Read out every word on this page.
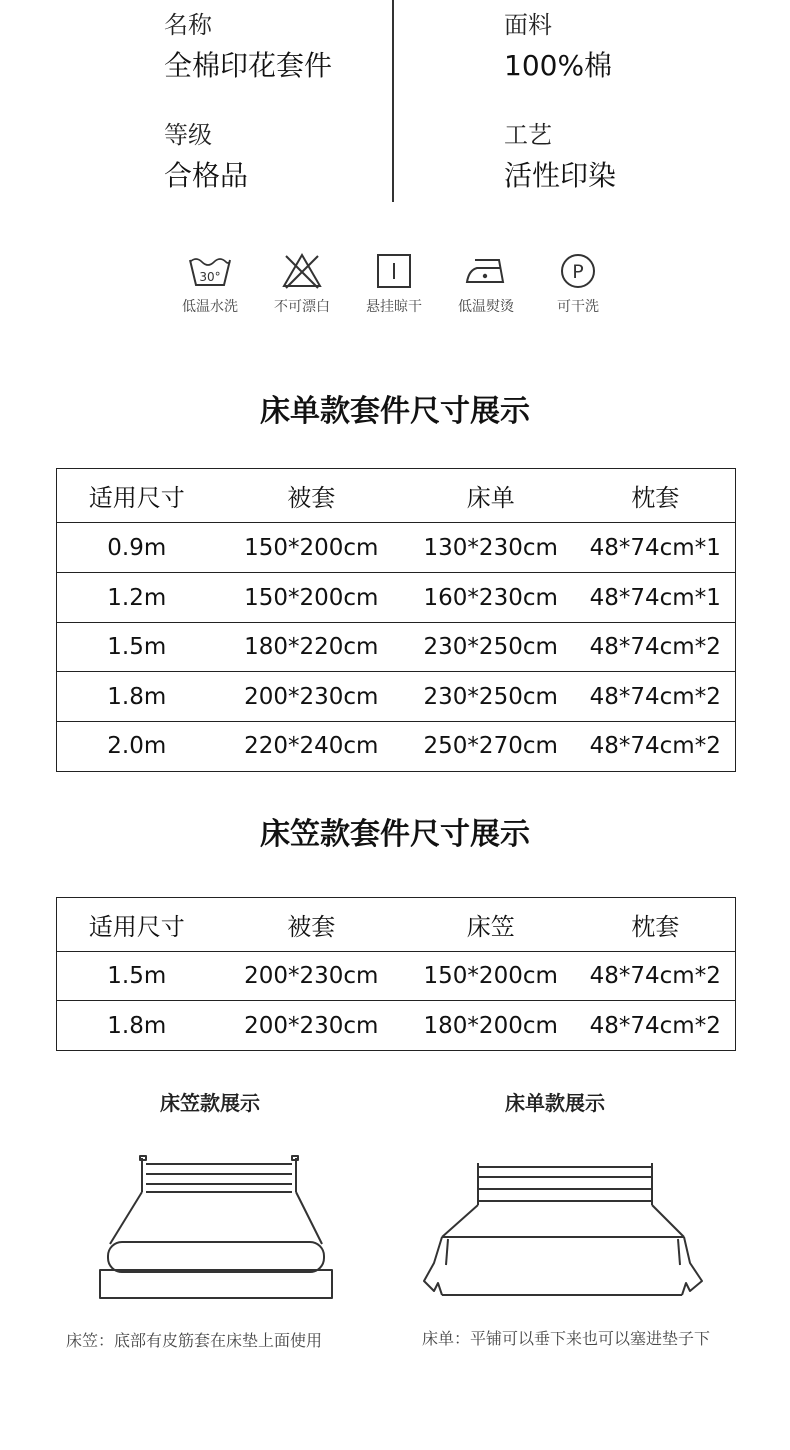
名称
全棉印花套件
面料
100%棉
等级
合格品
工艺
活性印染
30°
低温水洗	不可漂白	悬挂晾干	低温熨烫
P
可干洗
床单款套件尺寸展示
适用尺寸	被套	床单	枕套
0.9m	150*200cm	130*230cm	48*74cm*1
1.2m	150*200cm	160*230cm	48*74cm*1
1.5m	180*220cm	230*250cm	48*74cm*2
1.8m	200*230cm	230*250cm	48*74cm*2
2.0m	220*240cm	250*270cm	48*74cm*2
床笠款套件尺寸展示
适用尺寸	被套	床笠	枕套
1.5m	200*230cm	150*200cm	48*74cm*2
1.8m	200*230cm	180*200cm	48*74cm*2
床笠款展示	床单款展示
床笠：底部有皮筋套在床垫上面使用	床单：平铺可以垂下来也可以塞进垫子下
